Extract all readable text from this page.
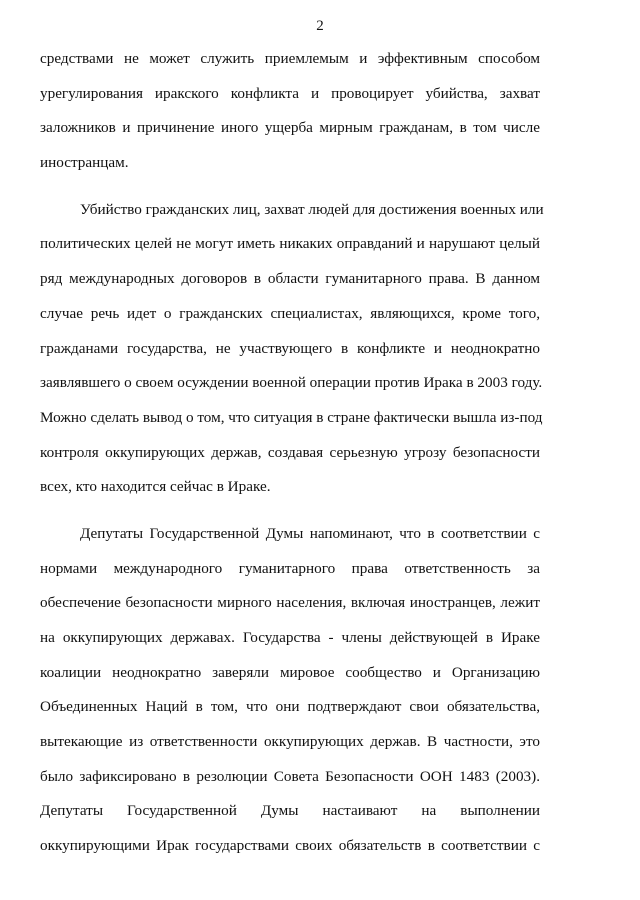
2
средствами не может служить приемлемым и эффективным способом
урегулирования иракского конфликта и провоцирует убийства, захват
заложников и причинение иного ущерба мирным гражданам, в том числе
иностранцам.
Убийство гражданских лиц, захват людей для достижения военных или
политических целей не могут иметь никаких оправданий и нарушают целый
ряд международных договоров в области гуманитарного права. В данном
случае речь идет о гражданских специалистах, являющихся, кроме того,
гражданами государства, не участвующего в конфликте и неоднократно
заявлявшего о своем осуждении военной операции против Ирака в 2003 году.
Можно сделать вывод о том, что ситуация в стране фактически вышла из-под
контроля оккупирующих держав, создавая серьезную угрозу безопасности
всех, кто находится сейчас в Ираке.
Депутаты Государственной Думы напоминают, что в соответствии с
нормами международного гуманитарного права ответственность за
обеспечение безопасности мирного населения, включая иностранцев, лежит
на оккупирующих державах. Государства - члены действующей в Ираке
коалиции неоднократно заверяли мировое сообщество и Организацию
Объединенных Наций в том, что они подтверждают свои обязательства,
вытекающие из ответственности оккупирующих держав. В частности, это
было зафиксировано в резолюции Совета Безопасности ООН 1483 (2003).
Депутаты Государственной Думы настаивают на выполнении
оккупирующими Ирак государствами своих обязательств в соответствии с
